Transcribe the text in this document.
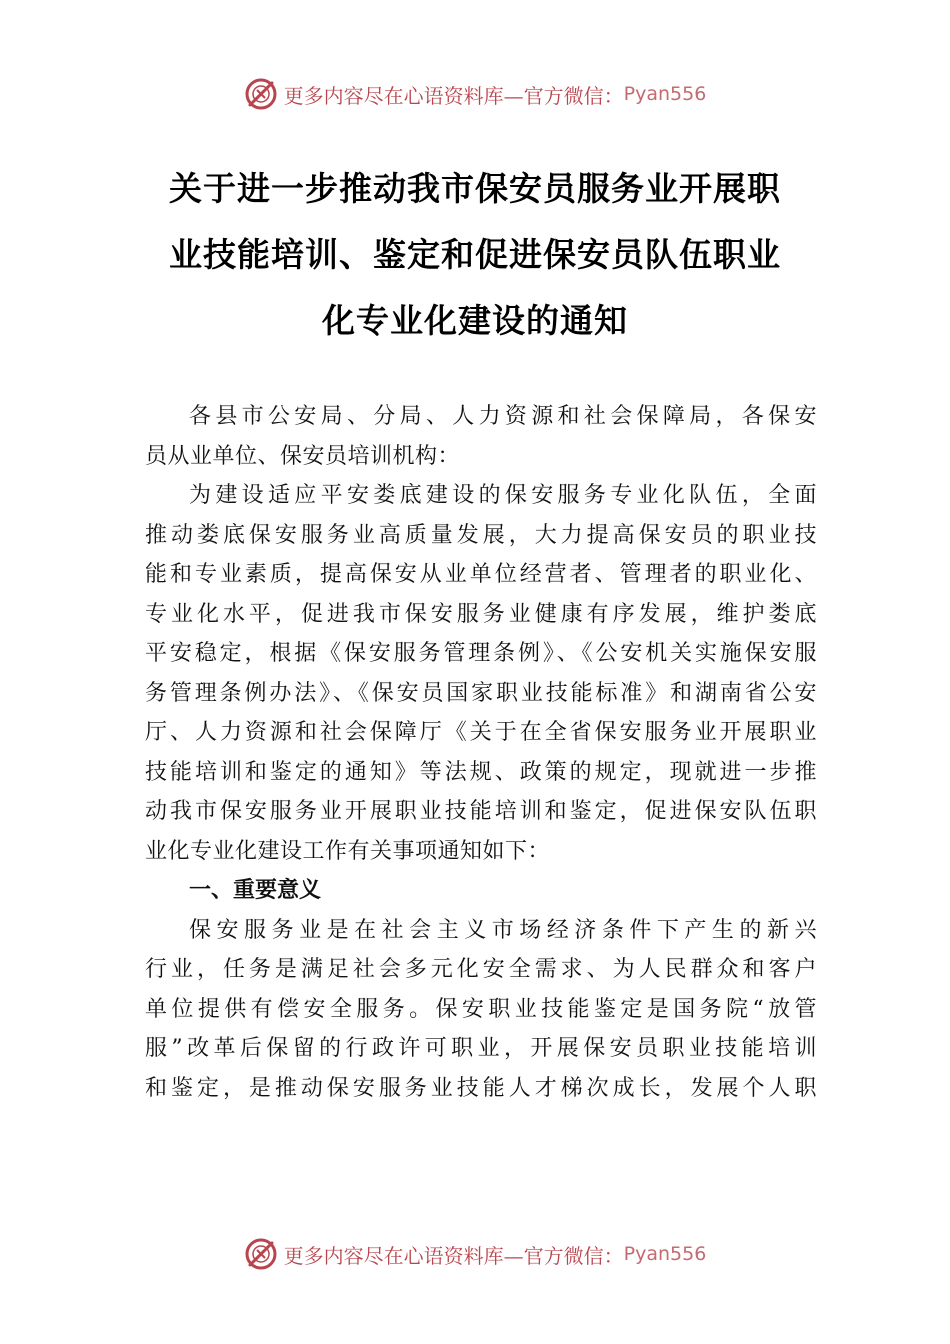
更多内容尽在心语资料库—官方微信： Pyan556
关于进一步推动我市保安员服务业开展职
业技能培训、鉴定和促进保安员队伍职业
化专业化建设的通知
各县市公安局、分局、人力资源和社会保障局，各保安
员从业单位、保安员培训机构：
为建设适应平安娄底建设的保安服务专业化队伍，全面
推动娄底保安服务业高质量发展，大力提高保安员的职业技
能和专业素质，提高保安从业单位经营者、管理者的职业化、
专业化水平，促进我市保安服务业健康有序发展，维护娄底
平安稳定，根据《保安服务管理条例》、《公安机关实施保安服
务管理条例办法》、《保安员国家职业技能标准》和湖南省公安
厅、人力资源和社会保障厅《关于在全省保安服务业开展职业
技能培训和鉴定的通知》等法规、政策的规定，现就进一步推
动我市保安服务业开展职业技能培训和鉴定，促进保安队伍职
业化专业化建设工作有关事项通知如下：
一、重要意义
保安服务业是在社会主义市场经济条件下产生的新兴
行业，任务是满足社会多元化安全需求、为人民群众和客户
单位提供有偿安全服务。保安职业技能鉴定是国务院“放管
服”改革后保留的行政许可职业，开展保安员职业技能培训
和鉴定，是推动保安服务业技能人才梯次成长，发展个人职
更多内容尽在心语资料库—官方微信： Pyan556
